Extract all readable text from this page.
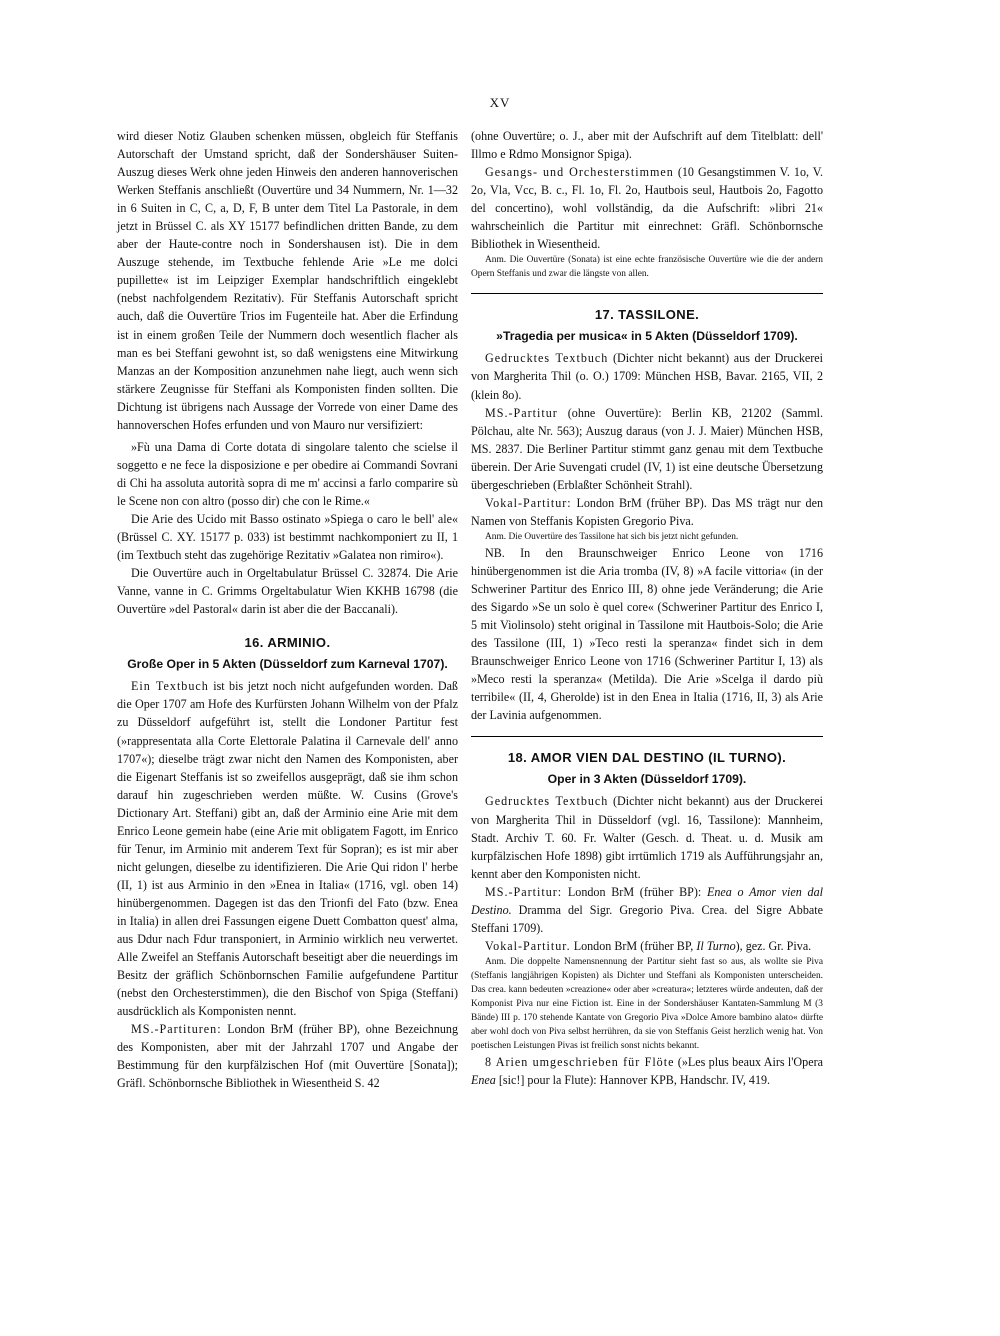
XV

wird dieser Notiz Glauben schenken müssen, obgleich für Steffanis Autorschaft der Umstand spricht, daß der Sondershäuser Suiten-Auszug dieses Werk ohne jeden Hinweis den anderen hannoverischen Werken Steffanis anschließt (Ouvertüre und 34 Nummern, Nr. 1—32 in 6 Suiten in C, C, a, D, F, B unter dem Titel La Pastorale, in dem jetzt in Brüssel C. als XY 15177 befindlichen dritten Bande, zu dem aber der Haute-contre noch in Sondershausen ist). Die in dem Auszuge stehende, im Textbuche fehlende Arie »Le me dolci pupillette« ist im Leipziger Exemplar handschriftlich eingeklebt (nebst nachfolgendem Rezitativ). Für Steffanis Autorschaft spricht auch, daß die Ouvertüre Trios im Fugenteile hat. Aber die Erfindung ist in einem großen Teile der Nummern doch wesentlich flacher als man es bei Steffani gewohnt ist, so daß wenigstens eine Mitwirkung Manzas an der Komposition anzunehmen nahe liegt, auch wenn sich stärkere Zeugnisse für Steffani als Komponisten finden sollten. Die Dichtung ist übrigens nach Aussage der Vorrede von einer Dame des hannoverschen Hofes erfunden und von Mauro nur versifiziert:

»Fù una Dama di Corte dotata di singolare talento che scielse il soggetto e ne fece la disposizione e per obedire ai Commandi Sovrani di Chi ha assoluta autorità sopra di me m' accinsi a farlo comparire sù le Scene non con altro (posso dir) che con le Rime.«

Die Arie des Ucido mit Basso ostinato »Spiega o caro le bell' ale« (Brüssel C. XY. 15177 p. 033) ist bestimmt nachkomponiert zu II, 1 (im Textbuch steht das zugehörige Rezitativ »Galatea non rimiro«).

Die Ouvertüre auch in Orgeltabulatur Brüssel C. 32874. Die Arie Vanne, vanne in C. Grimms Orgeltabulatur Wien KKHB 16798 (die Ouvertüre »del Pastoral« darin ist aber die der Baccanali).

16. ARMINIO.
Große Oper in 5 Akten (Düsseldorf zum Karneval 1707).

Ein Textbuch ist bis jetzt noch nicht aufgefunden worden. Daß die Oper 1707 am Hofe des Kurfürsten Johann Wilhelm von der Pfalz zu Düsseldorf aufgeführt ist, stellt die Londoner Partitur fest (»rappresentata alla Corte Elettorale Palatina il Carnevale dell' anno 1707«); dieselbe trägt zwar nicht den Namen des Komponisten, aber die Eigenart Steffanis ist so zweifellos ausgeprägt, daß sie ihm schon darauf hin zugeschrieben werden müßte. W. Cusins (Grove's Dictionary Art. Steffani) gibt an, daß der Arminio eine Arie mit dem Enrico Leone gemein habe (eine Arie mit obligatem Fagott, im Enrico für Tenur, im Arminio mit anderem Text für Sopran); es ist mir aber nicht gelungen, dieselbe zu identifizieren. Die Arie Qui ridon l' herbe (II, 1) ist aus Arminio in den »Enea in Italia« (1716, vgl. oben 14) hinübergenommen. Dagegen ist das den Trionfi del Fato (bzw. Enea in Italia) in allen drei Fassungen eigene Duett Combatton quest' alma, aus Ddur nach Fdur transponiert, in Arminio wirklich neu verwertet. Alle Zweifel an Steffanis Autorschaft beseitigt aber die neuerdings im Besitz der gräflich Schönbornschen Familie aufgefundene Partitur (nebst den Orchesterstimmen), die den Bischof von Spiga (Steffani) ausdrücklich als Komponisten nennt.

MS.-Partituren: London BrM (früher BP), ohne Bezeichnung des Komponisten, aber mit der Jahrzahl 1707 und Angabe der Bestimmung für den kurpfälzischen Hof (mit Ouvertüre [Sonata]); Gräfl. Schönbornsche Bibliothek in Wiesentheid S. 42

(ohne Ouvertüre; o. J., aber mit der Aufschrift auf dem Titelblatt: dell' Illmo e Rdmo Monsignor Spiga).

Gesangs- und Orchesterstimmen (10 Gesangstimmen V. 1o, V. 2o, Vla, Vcc, B. c., Fl. 1o, Fl. 2o, Hautbois seul, Hautbois 2o, Fagotto del concertino), wohl vollständig, da die Aufschrift: »libri 21« wahrscheinlich die Partitur mit einrechnet: Gräfl. Schönbornsche Bibliothek in Wiesentheid.

Anm. Die Ouvertüre (Sonata) ist eine echte französische Ouvertüre wie die der andern Opern Steffanis und zwar die längste von allen.

17. TASSILONE.
»Tragedia per musica« in 5 Akten (Düsseldorf 1709).

Gedrucktes Textbuch (Dichter nicht bekannt) aus der Druckerei von Margherita Thil (o. O.) 1709: München HSB, Bavar. 2165, VII, 2 (klein 8o).

MS.-Partitur (ohne Ouvertüre): Berlin KB, 21202 (Samml. Pölchau, alte Nr. 563); Auszug daraus (von J. J. Maier) München HSB, MS. 2837. Die Berliner Partitur stimmt ganz genau mit dem Textbuche überein. Der Arie Suvengati crudel (IV, 1) ist eine deutsche Übersetzung übergeschrieben (Erblaßter Schönheit Strahl).

Vokal-Partitur: London BrM (früher BP). Das MS trägt nur den Namen von Steffanis Kopisten Gregorio Piva.

Anm. Die Ouvertüre des Tassilone hat sich bis jetzt nicht gefunden.

NB. In den Braunschweiger Enrico Leone von 1716 hinübergenommen ist die Aria tromba (IV, 8) »A facile vittoria« (in der Schweriner Partitur des Enrico III, 8) ohne jede Veränderung; die Arie des Sigardo »Se un solo è quel core« (Schweriner Partitur des Enrico I, 5 mit Violinsolo) steht original in Tassilone mit Hautbois-Solo; die Arie des Tassilone (III, 1) »Teco resti la speranza« findet sich in dem Braunschweiger Enrico Leone von 1716 (Schweriner Partitur I, 13) als »Meco resti la speranza« (Metilda). Die Arie »Scelga il dardo più terribile« (II, 4, Gherolde) ist in den Enea in Italia (1716, II, 3) als Arie der Lavinia aufgenommen.

18. AMOR VIEN DAL DESTINO (IL TURNO).
Oper in 3 Akten (Düsseldorf 1709).

Gedrucktes Textbuch (Dichter nicht bekannt) aus der Druckerei von Margherita Thil in Düsseldorf (vgl. 16, Tassilone): Mannheim, Stadt. Archiv T. 60. Fr. Walter (Gesch. d. Theat. u. d. Musik am kurpfälzischen Hofe 1898) gibt irrtümlich 1719 als Aufführungsjahr an, kennt aber den Komponisten nicht.

MS.-Partitur: London BrM (früher BP): Enea o Amor vien dal Destino. Dramma del Sigr. Gregorio Piva. Crea. del Sigre Abbate Steffani 1709).

Vokal-Partitur. London BrM (früher BP, Il Turno), gez. Gr. Piva.

Anm. Die doppelte Namensnennung der Partitur sieht fast so aus, als wollte sie Piva (Steffanis langjährigen Kopisten) als Dichter und Steffani als Komponisten unterscheiden. Das crea. kann bedeuten »creazione« oder aber »creatura«; letzteres würde andeuten, daß der Komponist Piva nur eine Fiction ist. Eine in der Sondershäuser Kantaten-Sammlung M (3 Bände) III p. 170 stehende Kantate von Gregorio Piva »Dolce Amore bambino alato« dürfte aber wohl doch von Piva selbst herrühren, da sie von Steffanis Geist herzlich wenig hat. Von poetischen Leistungen Pivas ist freilich sonst nichts bekannt.

8 Arien umgeschrieben für Flöte (»Les plus beaux Airs l'Opera Enea [sic!] pour la Flute): Hannover KPB, Handschr. IV, 419.
